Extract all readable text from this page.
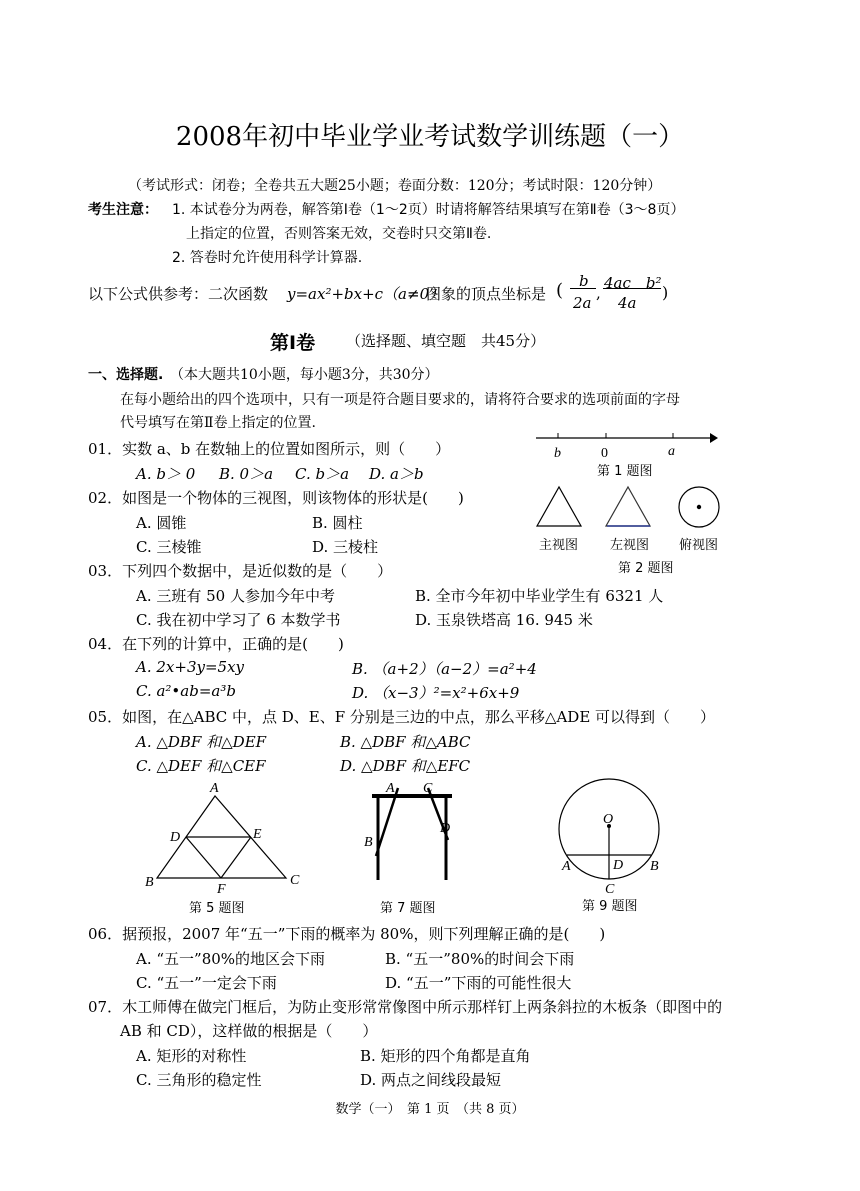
2008年初中毕业学业考试数学训练题（一）
（考试形式：闭卷；全卷共五大题25小题；卷面分数：120分；考试时限：120分钟）
考生注意： 1. 本试卷分为两卷，解答第Ⅰ卷（1～2页）时请将解答结果填写在第Ⅱ卷（3～8页）
上指定的位置，否则答案无效，交卷时只交第Ⅱ卷.
2. 答卷时允许使用科学计算器.
以下公式供参考：二次函数 y=ax²+bx+c（a≠0）
图象的顶点坐标是 ( b
2a
,
4ac　b²
4a
)
第Ⅰ卷 （选择题、填空题　共45分）
一、选择题. （本大题共10小题，每小题3分，共30分）
在每小题给出的四个选项中，只有一项是符合题目要求的，请将符合要求的选项前面的字母
代号填写在第Ⅱ卷上指定的位置.
01．实数 a、b 在数轴上的位置如图所示，则（　　）
A. b＞ 0 B. 0＞a C. b＞a D. a＞b
b	0	a
第 1 题图
02．如图是一个物体的三视图，则该物体的形状是(　　)
A. 圆锥	B. 圆柱
C. 三棱锥	D. 三棱柱	主视图 左视图 俯视图
第 2 题图
03．下列四个数据中，是近似数的是（　　）
A. 三班有 50 人参加今年中考	B. 全市今年初中毕业学生有 6321 人
C. 我在初中学习了 6 本数学书	D. 玉泉铁塔高 16. 945 米
04．在下列的计算中，正确的是(　　)
A. 2x+3y=5xy	B. （a+2）（a−2）=a²+4
C. a²•ab=a³b	D. （x−3）²=x²+6x+9
05．如图，在△ABC 中，点 D、E、F 分别是三边的中点，那么平移△ADE 可以得到（　　）
A. △DBF 和△DEF	B. △DBF 和△ABC
C. △DEF 和△CEF	D. △DBF 和△EFC
A
B	C
D	E
F
第 5 题图
A
B
C
D
第 7 题图
O
A	B
C
D
第 9 题图
06．据预报，2007 年“五一”下雨的概率为 80%，则下列理解正确的是(　　)
A. “五一”80%的地区会下雨	B. “五一”80%的时间会下雨
C. “五一”一定会下雨	D. “五一”下雨的可能性很大
07．木工师傅在做完门框后，为防止变形常常像图中所示那样钉上两条斜拉的木板条（即图中的
AB 和 CD），这样做的根据是（　　）
A. 矩形的对称性	B. 矩形的四个角都是直角
C. 三角形的稳定性	D. 两点之间线段最短
数学（一）　第 1 页　（共 8 页）
